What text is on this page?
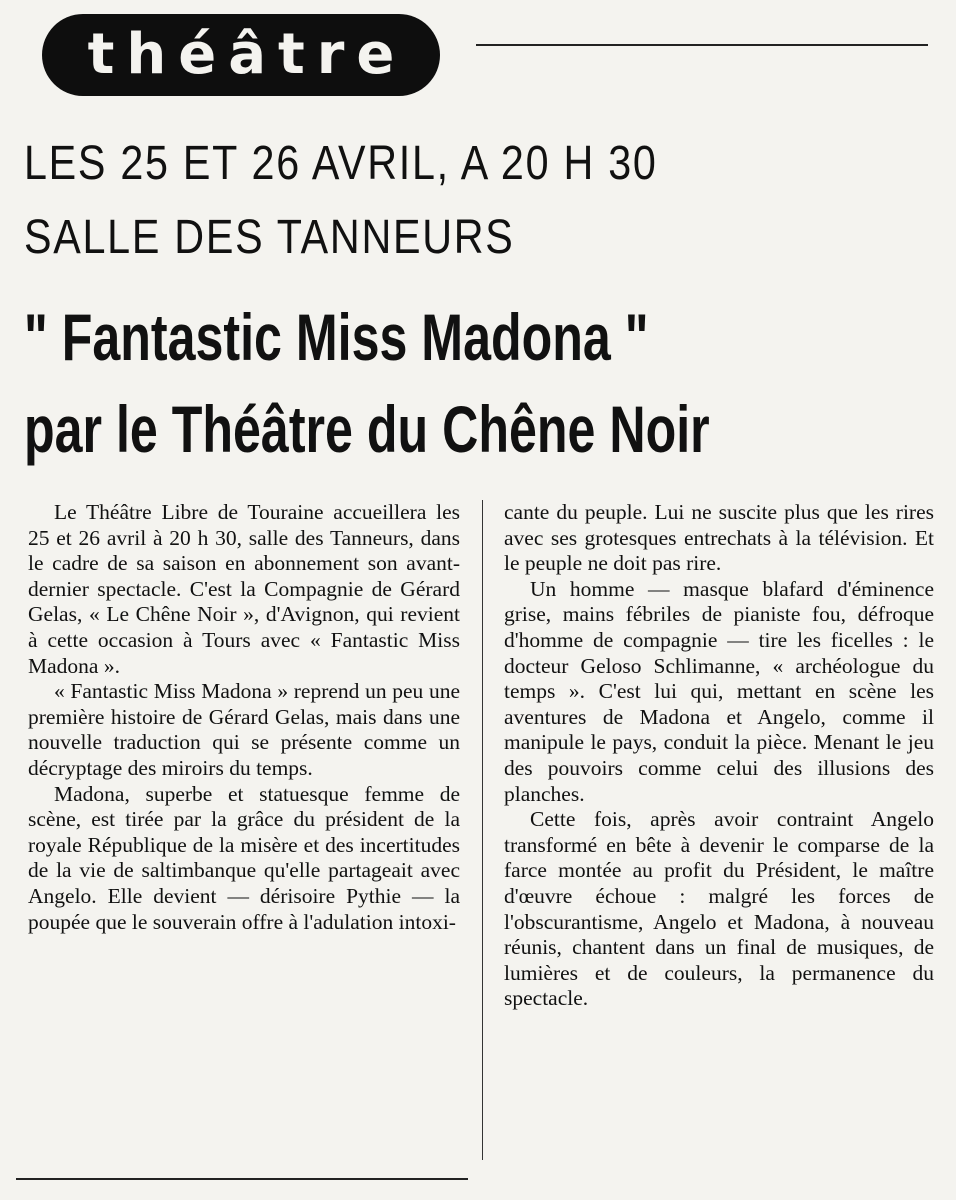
théâtre
LES 25 ET 26 AVRIL, A 20 H 30
SALLE DES TANNEURS
" Fantastic Miss Madona "
par le Théâtre du Chêne Noir

Le Théâtre Libre de Touraine accueillera les 25 et 26 avril à 20 h 30, salle des Tanneurs, dans le cadre de sa saison en abonnement son avant-dernier spectacle. C'est la Compagnie de Gérard Gelas, « Le Chêne Noir », d'Avignon, qui revient à cette occasion à Tours avec « Fantastic Miss Madona ».

« Fantastic Miss Madona » reprend un peu une première histoire de Gérard Gelas, mais dans une nouvelle traduction qui se présente comme un décryptage des miroirs du temps.

Madona, superbe et statuesque femme de scène, est tirée par la grâce du président de la royale République de la misère et des incertitudes de la vie de saltimbanque qu'elle partageait avec Angelo. Elle devient — dérisoire Pythie — la poupée que le souverain offre à l'adulation intoxi-

cante du peuple. Lui ne suscite plus que les rires avec ses grotesques entrechats à la télévision. Et le peuple ne doit pas rire.

Un homme — masque blafard d'éminence grise, mains fébriles de pianiste fou, défroque d'homme de compagnie — tire les ficelles : le docteur Geloso Schlimanne, « archéologue du temps ». C'est lui qui, mettant en scène les aventures de Madona et Angelo, comme il manipule le pays, conduit la pièce. Menant le jeu des pouvoirs comme celui des illusions des planches.

Cette fois, après avoir contraint Angelo transformé en bête à devenir le comparse de la farce montée au profit du Président, le maître d'œuvre échoue : malgré les forces de l'obscurantisme, Angelo et Madona, à nouveau réunis, chantent dans un final de musiques, de lumières et de couleurs, la permanence du spectacle.
